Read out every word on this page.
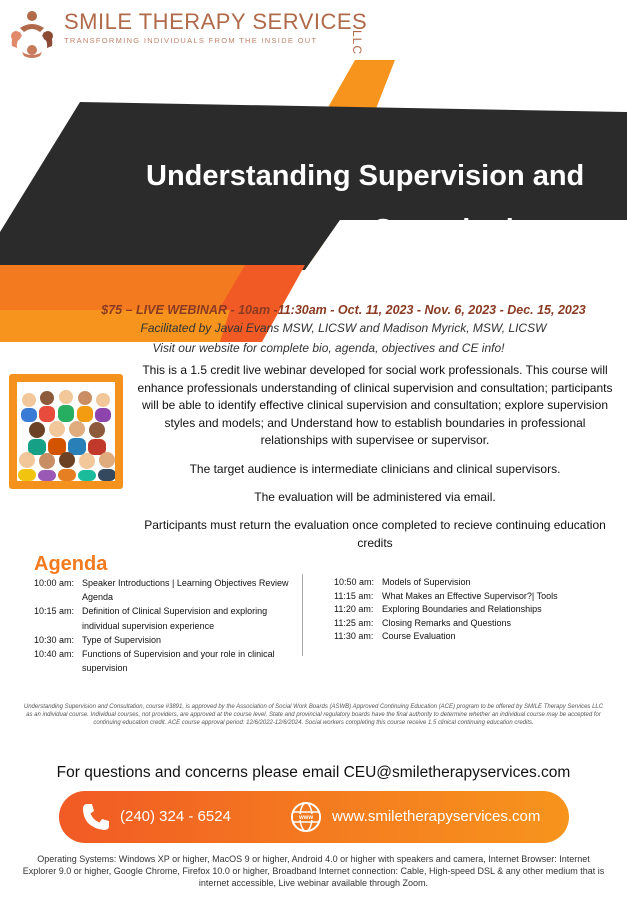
SMILE THERAPY SERVICES
TRANSFORMING INDIVIDUALS FROM THE INSIDE OUT	LLC
Understanding Supervision and
Consultation
$75 – LIVE WEBINAR - 10am -11:30am - Oct. 11, 2023 - Nov. 6, 2023 - Dec. 15, 2023
Facilitated by Javai Evans MSW, LICSW and Madison Myrick, MSW, LICSW
Visit our website for complete bio, agenda, objectives and CE info!
This is a 1.5 credit live webinar developed for social work professionals. This course will enhance professionals understanding of clinical supervision and consultation; participants will be able to identify effective clinical supervision and consultation; explore supervision styles and models; and Understand how to establish boundaries in professional relationships with supervisee or supervisor.
The target audience is intermediate clinicians and clinical supervisors.
The evaluation will be administered via email.
Participants must return the evaluation once completed to recieve continuing education credits
Agenda
10:00 am: Speaker Introductions | Learning Objectives Review Agenda
10:15 am: Definition of Clinical Supervision and exploring individual supervision experience
10:30 am: Type of Supervision
10:40 am: Functions of Supervision and your role in clinical supervision
10:50 am: Models of Supervision
11:15 am: What Makes an Effective Supervisor?| Tools
11:20 am: Exploring Boundaries and Relationships
11:25 am: Closing Remarks and Questions
11:30 am: Course Evaluation
Understanding Supervision and Consultation, course #3891, is approved by the Association of Social Work Boards (ASWB) Approved Continuing Education (ACE) program to be offered by SMILE Therapy Services LLC as an individual course. Individual courses, not providers, are approved at the course level. State and provincial regulatory boards have the final authority to determine whether an individual course may be accepted for continuing education credit. ACE course approval period: 12/6/2022-12/6/2024. Social workers completing this course receive 1.5 clinical continuing education credits.
For questions and concerns please email CEU@smiletherapyservices.com
(240) 324 - 6524	www www.smiletherapyservices.com
Operating Systems: Windows XP or higher, MacOS 9 or higher, Android 4.0 or higher with speakers and camera, Internet Browser: Internet Explorer 9.0 or higher, Google Chrome, Firefox 10.0 or higher, Broadband Internet connection: Cable, High-speed DSL & any other medium that is internet accessible, Live webinar available through Zoom.
